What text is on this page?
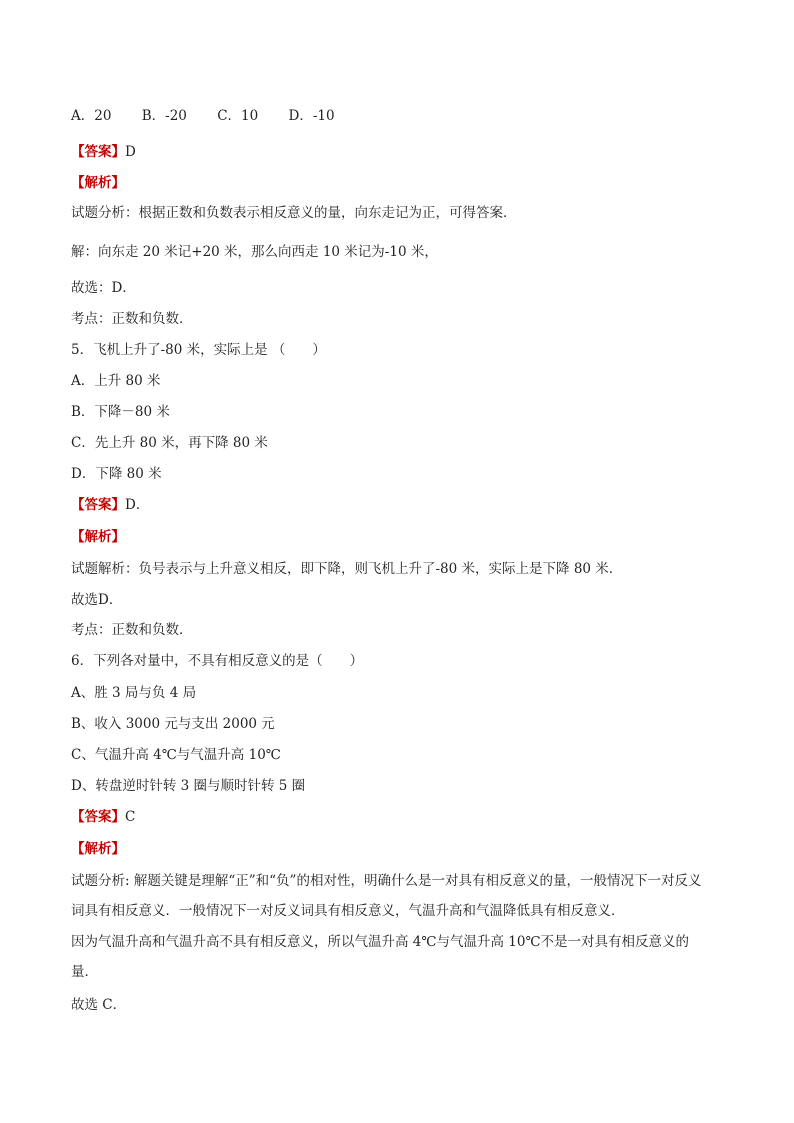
A．20 B．-20 C．10 D．-10
【答案】D
【解析】
试题分析：根据正数和负数表示相反意义的量，向东走记为正，可得答案．
解：向东走 20 米记+20 米，那么向西走 10 米记为-10 米，
故选：D．
考点：正数和负数．
5．飞机上升了-80 米，实际上是 （　　）
A．上升 80 米
B．下降－80 米
C．先上升 80 米，再下降 80 米
D．下降 80 米
【答案】D．
【解析】
试题解析：负号表示与上升意义相反，即下降，则飞机上升了-80 米，实际上是下降 80 米．
故选D．
考点：正数和负数．
6．下列各对量中，不具有相反意义的是（　　）
A、胜 3 局与负 4 局
B、收入 3000 元与支出 2000 元
C、气温升高 4℃与气温升高 10℃
D、转盘逆时针转 3 圈与顺时针转 5 圈
【答案】C
【解析】
试题分析: 解题关键是理解“正”和“负”的相对性，明确什么是一对具有相反意义的量，一般情况下一对反义
词具有相反意义．一般情况下一对反义词具有相反意义，气温升高和气温降低具有相反意义．
因为气温升高和气温升高不具有相反意义，所以气温升高 4℃与气温升高 10℃不是一对具有相反意义的
量．
故选 C．
